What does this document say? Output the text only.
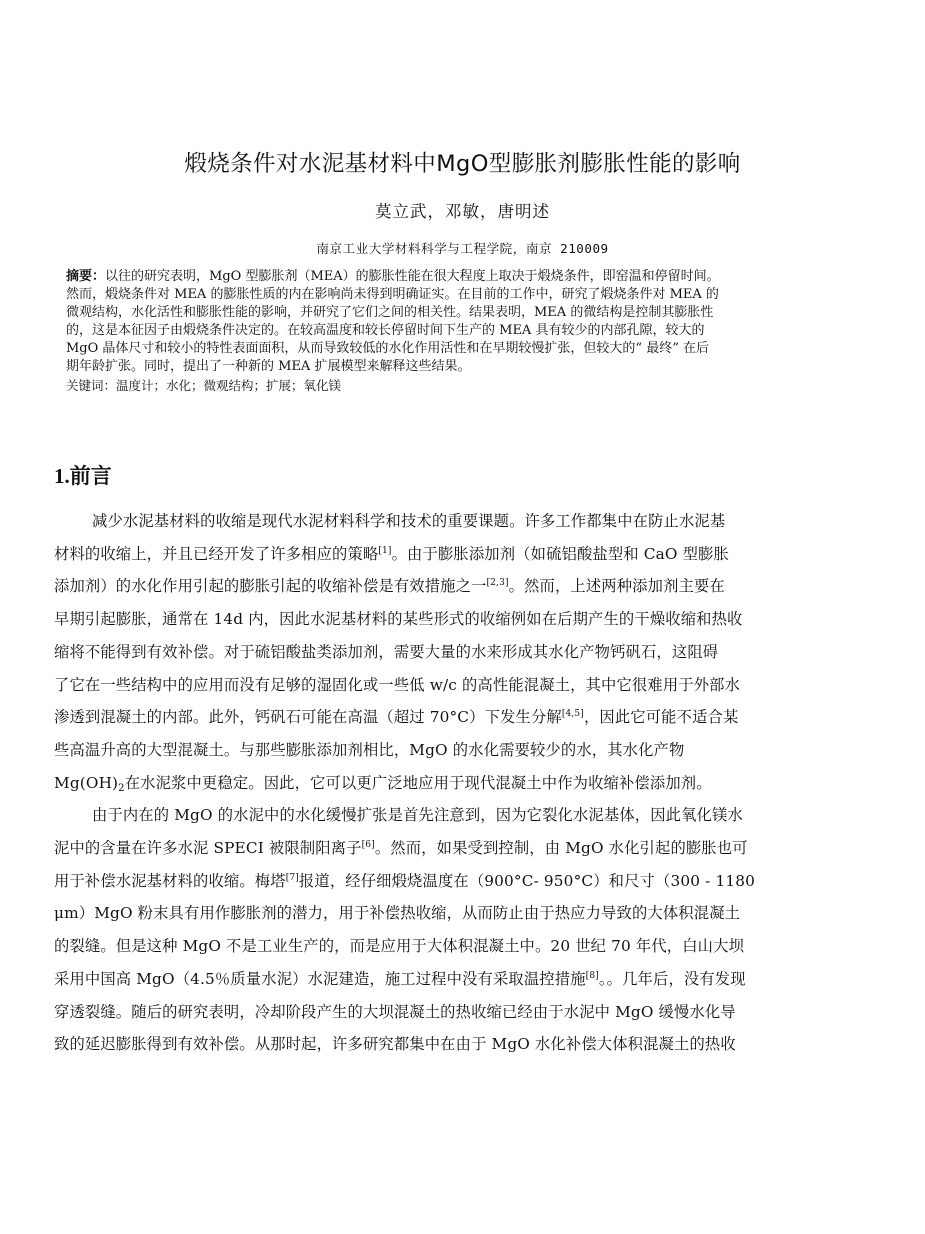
煅烧条件对水泥基材料中MgO型膨胀剂膨胀性能的影响
莫立武，邓敏，唐明述
南京工业大学材料科学与工程学院，南京 210009
摘要：以往的研究表明，MgO 型膨胀剂（MEA）的膨胀性能在很大程度上取决于煅烧条件，即窑温和停留时间。
然而，煅烧条件对 MEA 的膨胀性质的内在影响尚未得到明确证实。在目前的工作中，研究了煅烧条件对 MEA 的
微观结构，水化活性和膨胀性能的影响，并研究了它们之间的相关性。结果表明，MEA 的微结构是控制其膨胀性
的，这是本征因子由煅烧条件决定的。在较高温度和较长停留时间下生产的 MEA 具有较少的内部孔隙，较大的
MgO 晶体尺寸和较小的特性表面面积，从而导致较低的水化作用活性和在早期较慢扩张，但较大的“ 最终” 在后
期年龄扩张。同时，提出了一种新的 MEA 扩展模型来解释这些结果。
关键词：温度计；水化；微观结构；扩展；氧化镁
1.前言
减少水泥基材料的收缩是现代水泥材料科学和技术的重要课题。许多工作都集中在防止水泥基
材料的收缩上，并且已经开发了许多相应的策略[1]。由于膨胀添加剂（如硫铝酸盐型和 CaO 型膨胀
添加剂）的水化作用引起的膨胀引起的收缩补偿是有效措施之一[2,3]。然而，上述两种添加剂主要在
早期引起膨胀，通常在 14d 内，因此水泥基材料的某些形式的收缩例如在后期产生的干燥收缩和热收
缩将不能得到有效补偿。对于硫铝酸盐类添加剂，需要大量的水来形成其水化产物钙矾石，这阻碍
了它在一些结构中的应用而没有足够的湿固化或一些低 w/c 的高性能混凝土，其中它很难用于外部水
渗透到混凝土的内部。此外，钙矾石可能在高温（超过 70°C）下发生分解[4,5]，因此它可能不适合某
些高温升高的大型混凝土。与那些膨胀添加剂相比，MgO 的水化需要较少的水，其水化产物
$Mg(OH)_2$在水泥浆中更稳定。因此，它可以更广泛地应用于现代混凝土中作为收缩补偿添加剂。
由于内在的 MgO 的水泥中的水化缓慢扩张是首先注意到，因为它裂化水泥基体，因此氧化镁水
泥中的含量在许多水泥 SPECI 被限制阳离子[6]。然而，如果受到控制，由 MgO 水化引起的膨胀也可
用于补偿水泥基材料的收缩。梅塔[7]报道，经仔细煅烧温度在（900°C- 950°C）和尺寸（300 - 1180
μm）MgO 粉末具有用作膨胀剂的潜力，用于补偿热收缩，从而防止由于热应力导致的大体积混凝土
的裂缝。但是这种 MgO 不是工业生产的，而是应用于大体积混凝土中。20 世纪 70 年代，白山大坝
采用中国高 MgO（4.5％质量水泥）水泥建造，施工过程中没有采取温控措施[8]。。几年后，没有发现
穿透裂缝。随后的研究表明，冷却阶段产生的大坝混凝土的热收缩已经由于水泥中 MgO 缓慢水化导
致的延迟膨胀得到有效补偿。从那时起，许多研究都集中在由于 MgO 水化补偿大体积混凝土的热收
